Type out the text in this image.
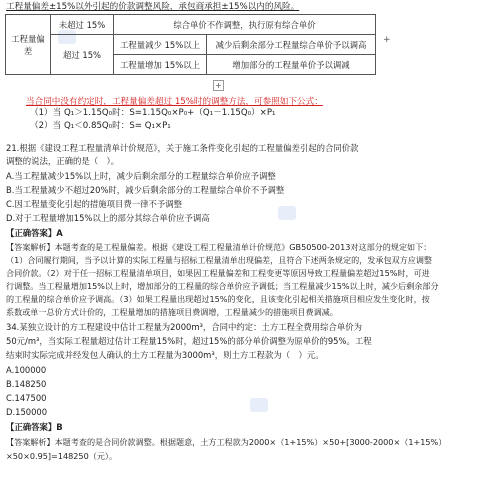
工程量偏差±15%以外引起的价款调整风险，承包商承担±15%以内的风险。
工程量偏差	未超过 15%	综合单价不作调整，执行原有综合单价	
	超过 15%	工程量减少 15%以上	减少后剩余部分工程量综合单价予以调高
		工程量增加 15%以上	增加部分的工程量单价予以调减
+
+
当合同中没有约定时，工程量偏差超过 15%时的调整方法，可参照如下公式：
（1）当 Q₁＞1.15Q₀时：S=1.15Q₀×P₀+（Q₁－1.15Q₀）×P₁
（2）当 Q₁＜0.85Q₀时：S= Q₁×P₁
21.根据《建设工程工程量清单计价规范》，关于施工条件变化引起的工程量偏差引起的合同价款
调整的说法，正确的是（　）。
A.当工程量减少15%以上时，减少后剩余部分的工程量综合单价应予调整
B.当工程量减少不超过20%时，减少后剩余部分的工程量综合单价不予调整
C.因工程量变化引起的措施项目费一律不予调整
D.对于工程量增加15%以上的部分其综合单价应予调高
【正确答案】A
【答案解析】本题考查的是工程量偏差。根据《建设工程工程量清单计价规范》GB50500-2013对这部分的规定如下：
（1）合同履行期间，当予以计算的实际工程量与招标工程量清单出现偏差，且符合下述两条规定的，发承包双方应调整
合同价款。（2）对于任一招标工程量清单项目，如果因工程量偏差和工程变更等原因导致工程量偏差超过15%时，可进
行调整。当工程量增加15%以上时，增加部分的工程量的综合单价应予调低；当工程量减少15%以上时，减少后剩余部分
的工程量的综合单价应予调高。（3）如果工程量出现超过15%的变化，且该变化引起相关措施项目相应发生变化时，按
系数或单一总价方式计价的，工程量增加的措施项目费调增，工程量减少的措施项目费调减。
34.某独立设计的方工程建设中估计工程量为2000m³，合同中约定：土方工程全费用综合单价为
50元/m³，当实际工程量超过估计工程量15%时，超过15%的部分单价调整为原单价的95%。工程
结束时实际完成并经发包人确认的土方工程量为3000m³，则土方工程款为（　）元。
A.100000
B.148250
C.147500
D.150000
【正确答案】B
【答案解析】本题考查的是合同价款调整。根据题意，土方工程款为2000×（1+15%）×50+[3000-2000×（1+15%）
×50×0.95]=148250（元）。
